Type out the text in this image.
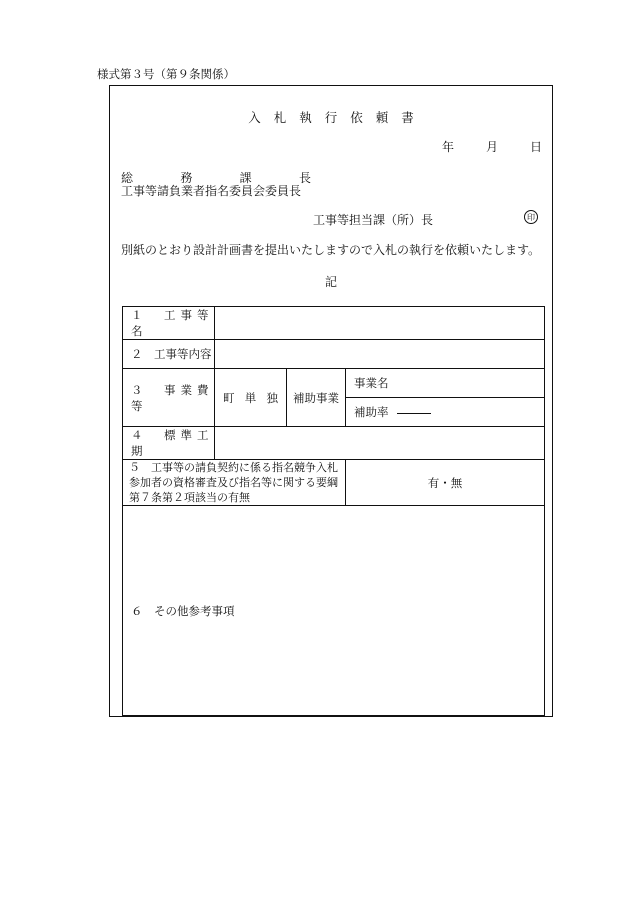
様式第３号（第９条関係）
入札執行依頼書
年	月	日
総	務	課	長
工事等請負業者指名委員会委員長
工事等担当課（所）長	印
別紙のとおり設計計画書を提出いたしますので入札の執行を依頼いたします。
記
１　工事等名			
２　工事等内容			
３　事業費等	町 単 独	補助事業	事業名
			補助率
４　標準工期			
５　工事等の請負契約に係る指名競争入札参加者の資格審査及び指名等に関する要綱第７条第２項該当の有無			有・無
６　その他参考事項			
